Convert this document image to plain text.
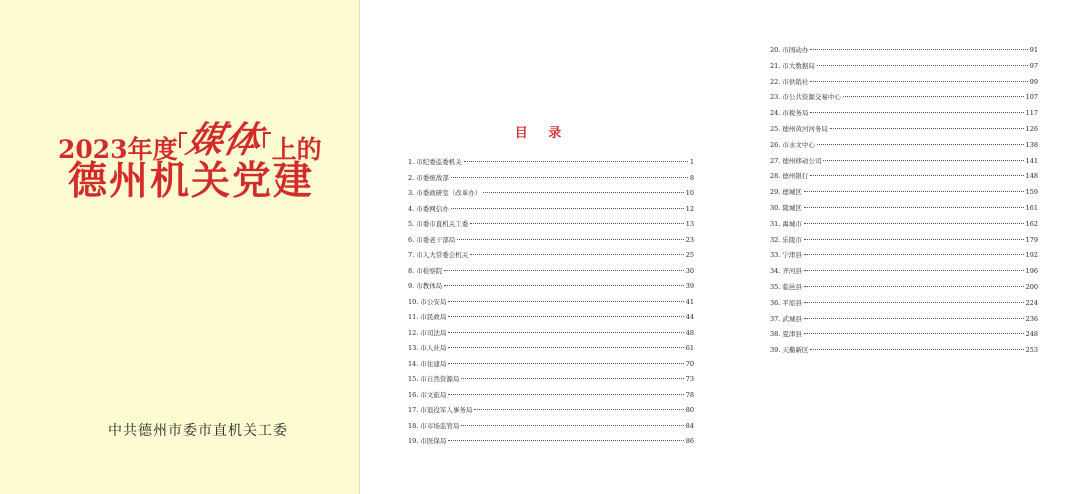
2023年度 媒体 上的
德州机关党建
中共德州市委市直机关工委
目 录
1. 市纪委监委机关	1
2. 市委统战部	8
3. 市委政研室（改革办）	10
4. 市委网信办	12
5. 市委市直机关工委	13
6. 市委老干部局	23
7. 市人大常委会机关	25
8. 市检察院	30
9. 市教体局	39
10. 市公安局	41
11. 市民政局	44
12. 市司法局	48
13. 市人社局	61
14. 市住建局	70
15. 市自然资源局	73
16. 市文旅局	78
17. 市退役军人事务局	80
18. 市市场监管局	84
19. 市医保局	86
20. 市国动办	91
21. 市大数据局	97
22. 市供销社	99
23. 市公共资源交易中心	107
24. 市税务局	117
25. 德州黄河河务局	126
26. 市水文中心	138
27. 德州移动公司	141
28. 德州银行	148
29. 德城区	159
30. 陵城区	161
31. 禹城市	162
32. 乐陵市	179
33. 宁津县	192
34. 齐河县	196
35. 临邑县	200
36. 平原县	224
37. 武城县	236
38. 夏津县	248
39. 天衢新区	253
